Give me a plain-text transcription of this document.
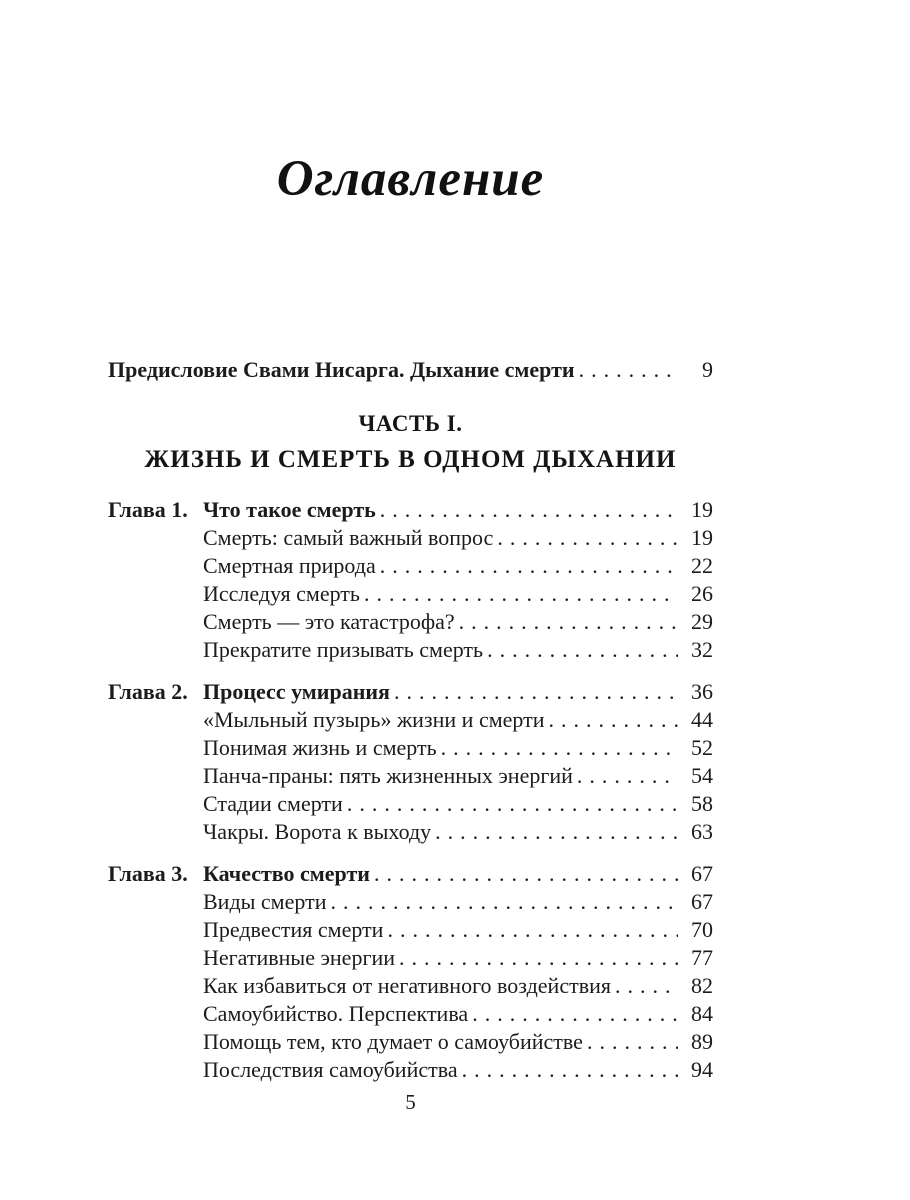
Оглавление
Предисловие Свами Нисарга. Дыхание смерти .....	9
ЧАСТЬ I.
ЖИЗНЬ И СМЕРТЬ В ОДНОМ ДЫХАНИИ
Глава 1. Что такое смерть .....	19
Смерть: самый важный вопрос .....	19
Смертная природа .....	22
Исследуя смерть .....	26
Смерть — это катастрофа? .....	29
Прекратите призывать смерть .....	32
Глава 2. Процесс умирания .....	36
«Мыльный пузырь» жизни и смерти .....	44
Понимая жизнь и смерть .....	52
Панча-праны: пять жизненных энергий .....	54
Стадии смерти .....	58
Чакры. Ворота к выходу .....	63
Глава 3. Качество смерти .....	67
Виды смерти .....	67
Предвестия смерти .....	70
Негативные энергии .....	77
Как избавиться от негативного воздействия .....	82
Самоубийство. Перспектива .....	84
Помощь тем, кто думает о самоубийстве .....	89
Последствия самоубийства .....	94
5
